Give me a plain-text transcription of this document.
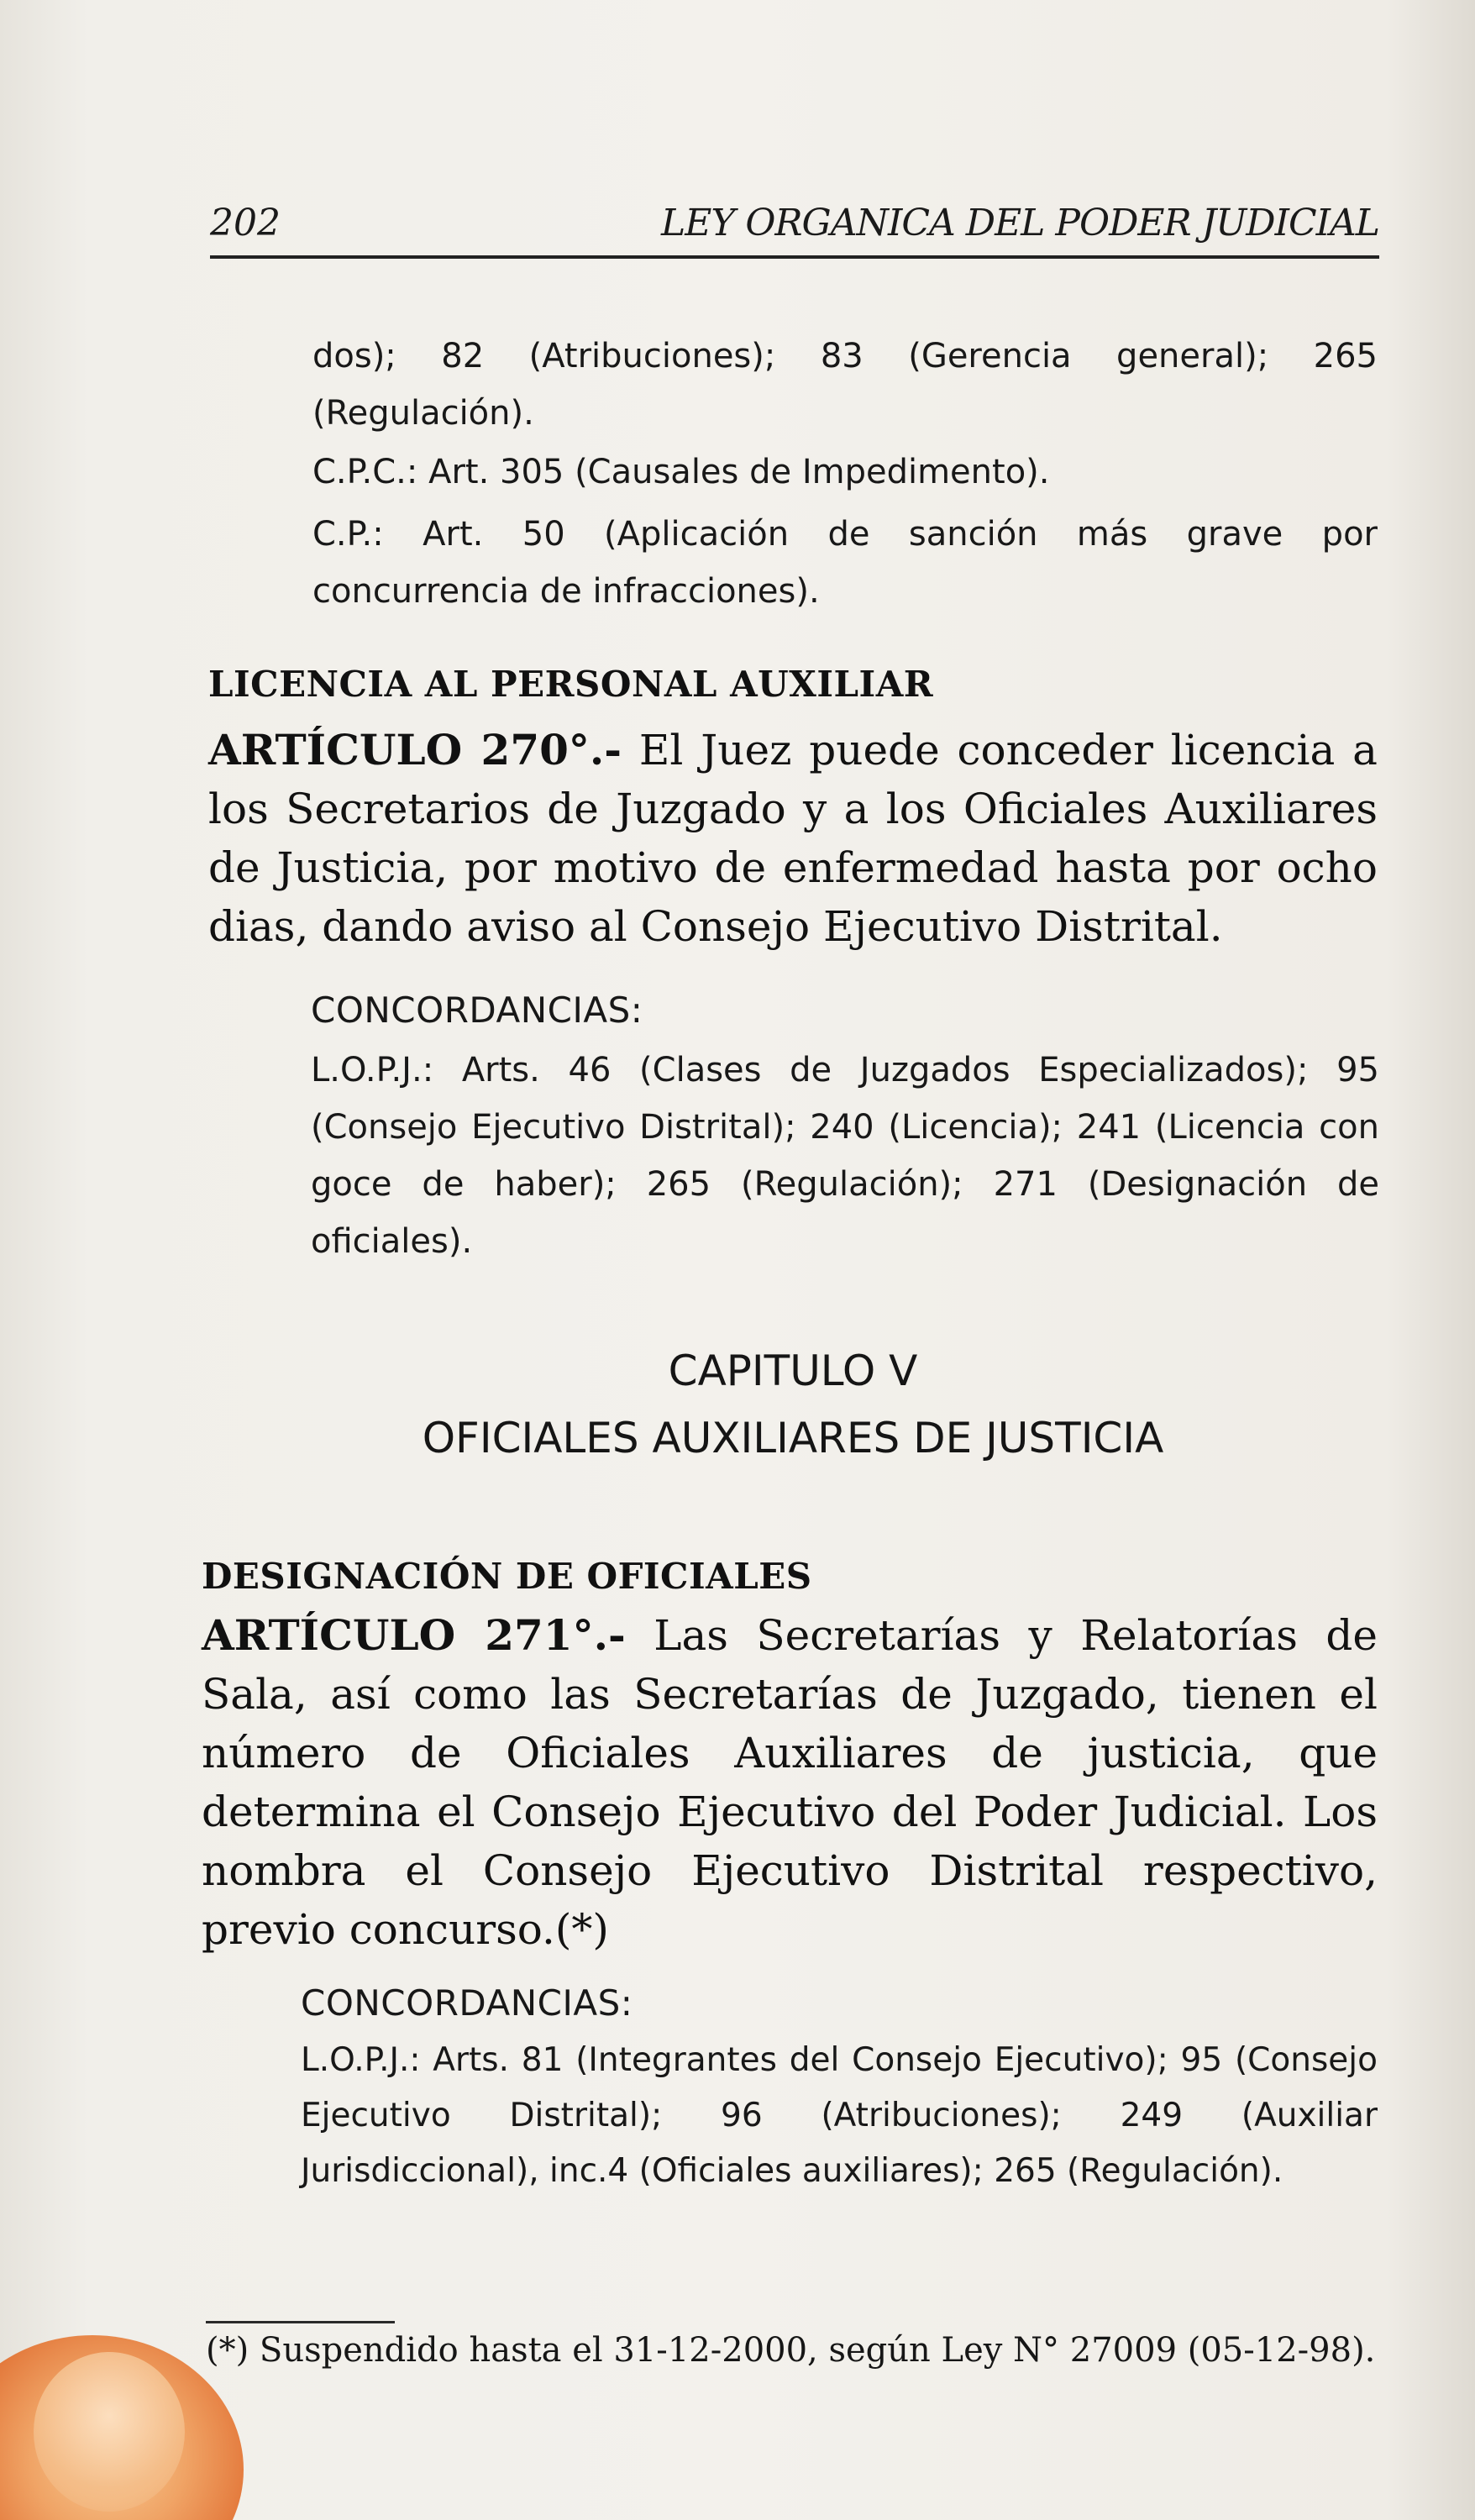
202	LEY ORGANICA DEL PODER JUDICIAL

dos); 82 (Atribuciones); 83 (Gerencia general); 265 (Regulación).

C.P.C.: Art. 305 (Causales de Impedimento).

C.P.: Art. 50 (Aplicación de sanción más grave por concurrencia de infracciones).

LICENCIA AL PERSONAL AUXILIAR

ARTÍCULO 270°.- El Juez puede conceder licencia a los Secretarios de Juzgado y a los Oficiales Auxiliares de Justicia, por motivo de enfermedad hasta por ocho dias, dando aviso al Consejo Ejecutivo Distrital.

CONCORDANCIAS:

L.O.P.J.: Arts. 46 (Clases de Juzgados Especializados); 95 (Consejo Ejecutivo Distrital); 240 (Licencia); 241 (Licencia con goce de haber); 265 (Regulación); 271 (Designación de oficiales).

CAPITULO V
OFICIALES AUXILIARES DE JUSTICIA
DESIGNACIÓN DE OFICIALES

ARTÍCULO 271°.- Las Secretarías y Relatorías de Sala, así como las Secretarías de Juzgado, tienen el número de Oficiales Auxiliares de justicia, que determina el Consejo Ejecutivo del Poder Judicial. Los nombra el Consejo Ejecutivo Distrital respectivo, previo concurso.(*)

CONCORDANCIAS:

L.O.P.J.: Arts. 81 (Integrantes del Consejo Ejecutivo); 95 (Consejo Ejecutivo Distrital); 96 (Atribuciones); 249 (Auxiliar Jurisdiccional), inc.4 (Oficiales auxiliares); 265 (Regulación).

(*) Suspendido hasta el 31-12-2000, según Ley N° 27009 (05-12-98).
